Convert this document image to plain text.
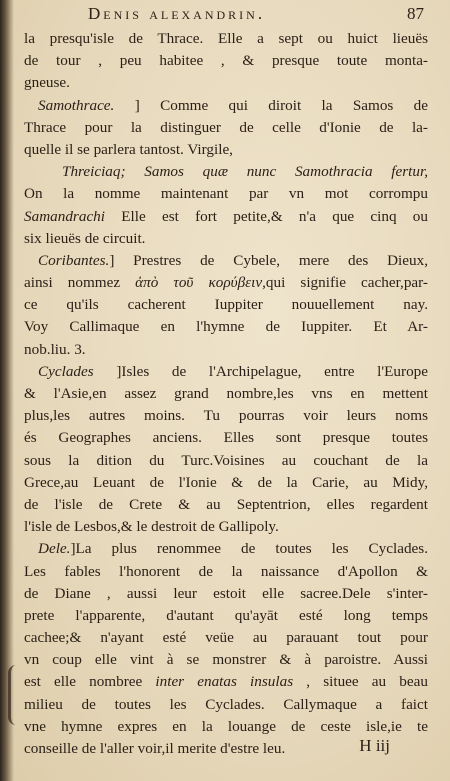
Denis alexandrin.	87
la presqu'isle de Thrace. Elle a sept ou huict lieuës
de tour , peu habitee , & presque toute monta-
gneuse.
Samothrace. ] Comme qui diroit la Samos de
Thrace pour la distinguer de celle d'Ionie de la-
quelle il se parlera tantost. Virgile,
Threiciaq; Samos quæ nunc Samothracia fertur,
On la nomme maintenant par vn mot corrompu
Samandrachi Elle est fort petite,& n'a que cinq ou
six lieuës de circuit.
Coribantes.] Prestres de Cybele, mere des Dieux,
ainsi nommez ἀπὸ τοῦ κορύβειν,qui signifie cacher,par-
ce qu'ils cacherent Iuppiter nouuellement nay.
Voy Callimaque en l'hymne de Iuppiter. Et Ar-
nob.liu. 3.
Cyclades ]Isles de l'Archipelague, entre l'Europe
& l'Asie,en assez grand nombre,les vns en mettent
plus,les autres moins. Tu pourras voir leurs noms
és Geographes anciens. Elles sont presque toutes
sous la dition du Turc.Voisines au couchant de la
Grece,au Leuant de l'Ionie & de la Carie, au Midy,
de l'isle de Crete & au Septentrion, elles regardent
l'isle de Lesbos,& le destroit de Gallipoly.
Dele.]La plus renommee de toutes les Cyclades.
Les fables l'honorent de la naissance d'Apollon &
de Diane , aussi leur estoit elle sacree.Dele s'inter-
prete l'apparente, d'autant qu'ayāt esté long temps
cachee;& n'ayant esté veüe au parauant tout pour
vn coup elle vint à se monstrer & à paroistre. Aussi
est elle nombree inter enatas insulas , situee au beau
milieu de toutes les Cyclades. Callymaque a faict
vne hymne expres en la louange de ceste isle,ie te
conseille de l'aller voir,il merite d'estre leu.	H iij
